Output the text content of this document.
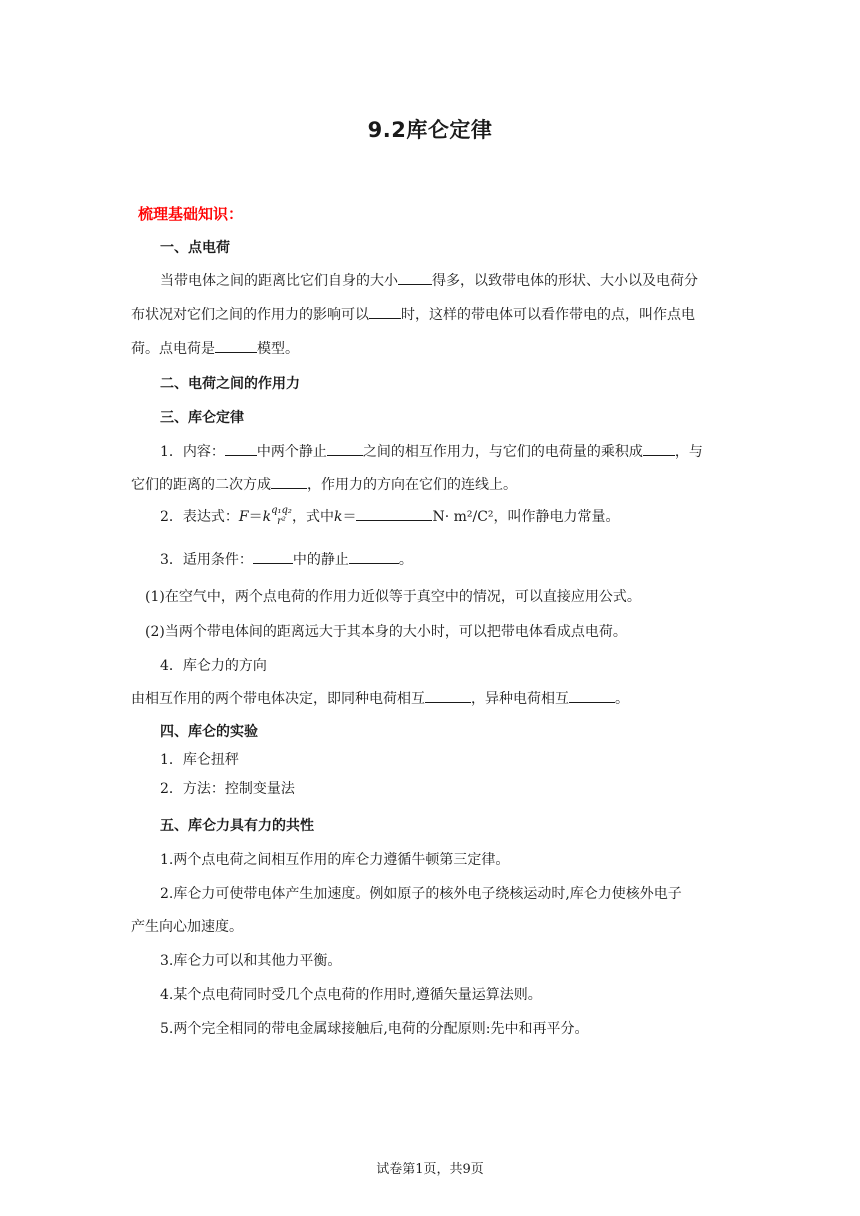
9.2库仑定律
梳理基础知识：
一、点电荷
当带电体之间的距离比它们自身的大小 得多，以致带电体的形状、大小以及电荷分
布状况对它们之间的作用力的影响可以 时，这样的带电体可以看作带电的点，叫作点电
荷。点电荷是	模型。
二、电荷之间的作用力
三、库仑定律
1．内容： 中两个静止	之间的相互作用力，与它们的电荷量的乘积成 ，与
它们的距离的二次方成	，作用力的方向在它们的连线上。
2．表达式：F＝k q₁q₂
r² ，式中k＝	N· m²/C²，叫作静电力常量。
3．适用条件：	中的静止	。
(1)在空气中，两个点电荷的作用力近似等于真空中的情况，可以直接应用公式。
(2)当两个带电体间的距离远大于其本身的大小时，可以把带电体看成点电荷。
4．库仑力的方向
由相互作用的两个带电体决定，即同种电荷相互	，异种电荷相互	。
四、库仑的实验
1．库仑扭秤
2．方法：控制变量法
五、库仑力具有力的共性
1.两个点电荷之间相互作用的库仑力遵循牛顿第三定律。
2.库仑力可使带电体产生加速度。例如原子的核外电子绕核运动时,库仑力使核外电子
产生向心加速度。
3.库仑力可以和其他力平衡。
4.某个点电荷同时受几个点电荷的作用时,遵循矢量运算法则。
5.两个完全相同的带电金属球接触后,电荷的分配原则:先中和再平分。
试卷第1页，共9页
